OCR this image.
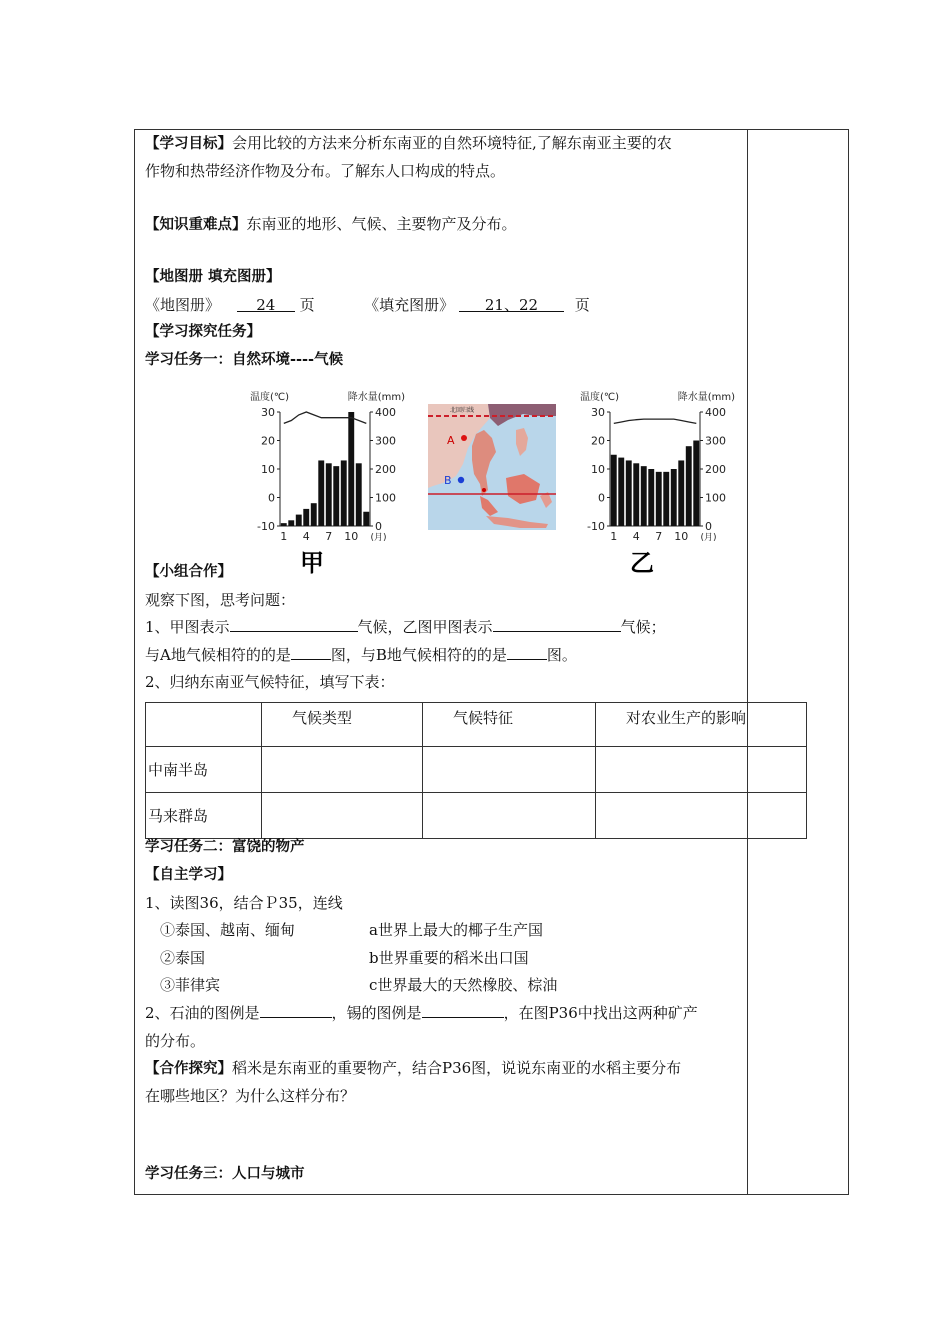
【学习目标】会用比较的方法来分析东南亚的自然环境特征,了解东南亚主要的农
作物和热带经济作物及分布。了解东人口构成的特点。
【知识重难点】东南亚的地形、气候、主要物产及分布。
【地图册 填充图册】
《地图册》 24 页	《填充图册》 21、22 页
【学习探究任务】
学习任务一：自然环境----气候
温度(℃)	降水量(mm)
30
20
10
0
-10
400
300
200
100
0
1 4 7 10 (月)
甲
北回归线
A
B
温度(℃)	降水量(mm)
30
20
10
0
-10
400
300
200
100
0
1 4 7 10 (月)
乙
【小组合作】
观察下图，思考问题：
1、甲图表示	气候，乙图甲图表示	气候；
与A地气候相符的的是	图，与B地气候相符的的是	图。
2、归纳东南亚气候特征，填写下表：
	气候类型	气候特征	对农业生产的影响
中南半岛			
马来群岛			
学习任务二：富饶的物产
【自主学习】
1、读图36，结合Ｐ35，连线
①泰国、越南、缅甸	a世界上最大的椰子生产国
②泰国	b世界重要的稻米出口国
③菲律宾	c世界最大的天然橡胶、棕油
2、石油的图例是	，锡的图例是	，在图P36中找出这两种矿产
的分布。
【合作探究】稻米是东南亚的重要物产，结合P36图，说说东南亚的水稻主要分布
在哪些地区？为什么这样分布？
学习任务三：人口与城市
